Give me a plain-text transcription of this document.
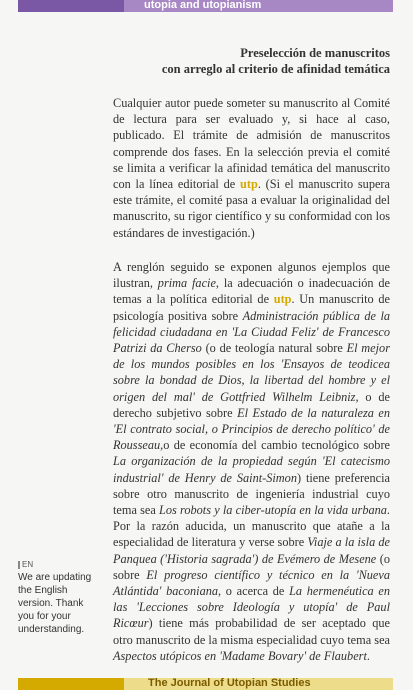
utopia and utopianism
Preselección de manuscritos
con arreglo al criterio de afinidad temática
Cualquier autor puede someter su manuscrito al Comité de lectura para ser evaluado y, si hace al caso, publicado. El trámite de admisión de manuscritos comprende dos fases. En la selección previa el comité se limita a verificar la afinidad temática del manuscrito con la línea editorial de utp. (Si el manuscrito supera este trámite, el comité pasa a evaluar la originalidad del manuscrito, su rigor científico y su conformidad con los estándares de investigación.)
A renglón seguido se exponen algunos ejemplos que ilustran, prima facie, la adecuación o inadecuación de temas a la política editorial de utp. Un manuscrito de psicología positiva sobre Administración pública de la felicidad ciudadana en 'La Ciudad Feliz' de Francesco Patrizi da Cherso (o de teología natural sobre El mejor de los mundos posibles en los 'Ensayos de teodicea sobre la bondad de Dios, la libertad del hombre y el origen del mal' de Gottfried Wilhelm Leibniz, o de derecho subjetivo sobre El Estado de la naturaleza en 'El contrato social, o Principios de derecho político' de Rousseau,o de economía del cambio tecnológico sobre La organización de la propiedad según 'El catecismo industrial' de Henry de Saint-Simon) tiene preferencia sobre otro manuscrito de ingeniería industrial cuyo tema sea Los robots y la ciber-utopía en la vida urbana. Por la razón aducida, un manuscrito que atañe a la especialidad de literatura y verse sobre Viaje a la isla de Panquea ('Historia sagrada') de Evémero de Mesene (o sobre El progreso científico y técnico en la 'Nueva Atlántida' baconiana, o acerca de La hermenéutica en las 'Lecciones sobre Ideología y utopía' de Paul Ricœur) tiene más probabilidad de ser aceptado que otro manuscrito de la misma especialidad cuyo tema sea Aspectos utópicos en 'Madame Bovary' de Flaubert.
EN
We are updating the English version. Thank you for your understanding.
The Journal of Utopian Studies
